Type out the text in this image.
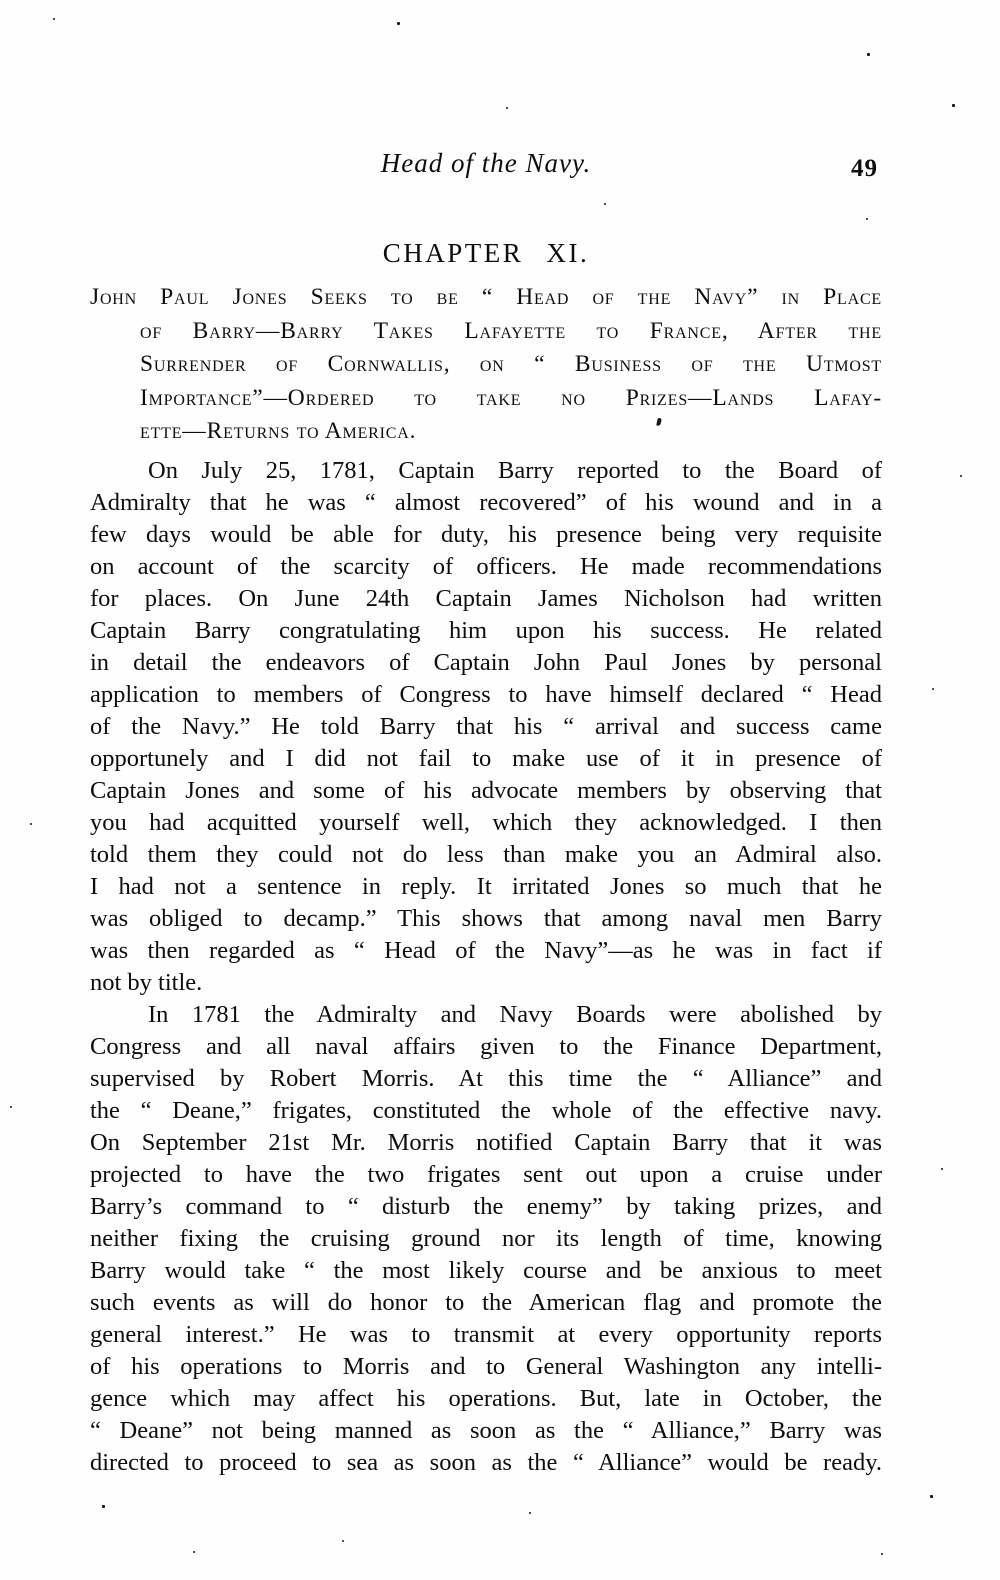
Head of the Navy.	49
CHAPTER XI.
John Paul Jones Seeks to be “ Head of the Navy” in Place
of Barry—Barry Takes Lafayette to France, After the
Surrender of Cornwallis, on “ Business of the Utmost
Importance”—Ordered to take no Prizes—Lands Lafay-
ette—Returns to America.
On July 25, 1781, Captain Barry reported to the Board of
Admiralty that he was “ almost recovered” of his wound and in a
few days would be able for duty, his presence being very requisite
on account of the scarcity of officers. He made recommendations
for places. On June 24th Captain James Nicholson had written
Captain Barry congratulating him upon his success. He related
in detail the endeavors of Captain John Paul Jones by personal
application to members of Congress to have himself declared “ Head
of the Navy.” He told Barry that his “ arrival and success came
opportunely and I did not fail to make use of it in presence of
Captain Jones and some of his advocate members by observing that
you had acquitted yourself well, which they acknowledged. I then
told them they could not do less than make you an Admiral also.
I had not a sentence in reply. It irritated Jones so much that he
was obliged to decamp.” This shows that among naval men Barry
was then regarded as “ Head of the Navy”—as he was in fact if
not by title.
In 1781 the Admiralty and Navy Boards were abolished by
Congress and all naval affairs given to the Finance Department,
supervised by Robert Morris. At this time the “ Alliance” and
the “ Deane,” frigates, constituted the whole of the effective navy.
On September 21st Mr. Morris notified Captain Barry that it was
projected to have the two frigates sent out upon a cruise under
Barry’s command to “ disturb the enemy” by taking prizes, and
neither fixing the cruising ground nor its length of time, knowing
Barry would take “ the most likely course and be anxious to meet
such events as will do honor to the American flag and promote the
general interest.” He was to transmit at every opportunity reports
of his operations to Morris and to General Washington any intelli-
gence which may affect his operations. But, late in October, the
“ Deane” not being manned as soon as the “ Alliance,” Barry was
directed to proceed to sea as soon as the “ Alliance” would be ready.
